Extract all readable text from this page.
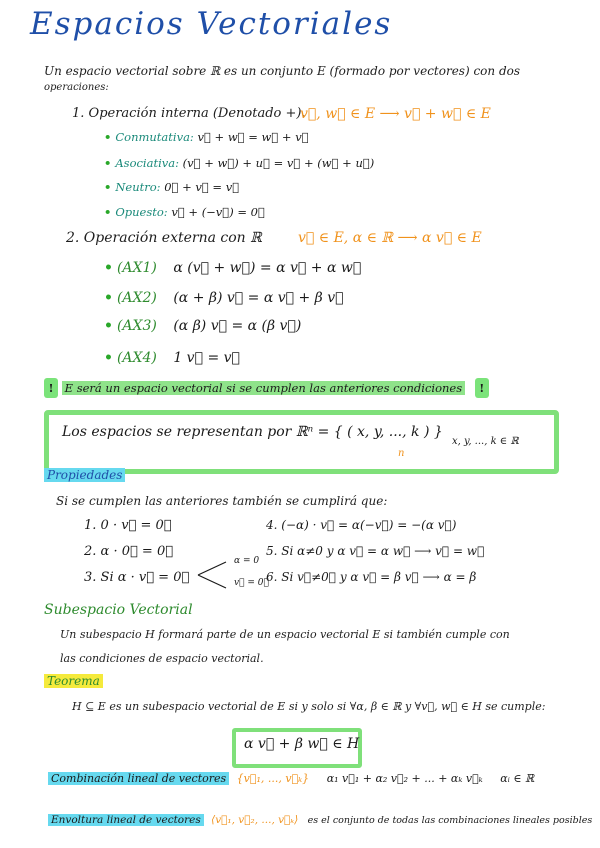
Espacios Vectoriales
Un espacio vectorial sobre ℝ es un conjunto E (formado por vectores) con dos
operaciones:
1. Operación interna (Denotado +).
v⃗, w⃗ ∈ E ⟶ v⃗ + w⃗ ∈ E
• Conmutativa: v⃗ + w⃗ = w⃗ + v⃗
• Asociativa: (v⃗ + w⃗) + u⃗ = v⃗ + (w⃗ + u⃗)
• Neutro: 0⃗ + v⃗ = v⃗
• Opuesto: v⃗ + (−v⃗) = 0⃗
2. Operación externa con ℝ	v⃗ ∈ E, α ∈ ℝ ⟶ α v⃗ ∈ E
• (AX1) α (v⃗ + w⃗) = α v⃗ + α w⃗
• (AX2) (α + β) v⃗ = α v⃗ + β v⃗
• (AX3) (α β) v⃗ = α (β v⃗)
• (AX4) 1 v⃗ = v⃗
! E será un espacio vectorial si se cumplen las anteriores condiciones !
Los espacios se representan por ℝⁿ = { ( x, y, ..., k ) }
x, y, ..., k ∈ ℝ
n
Propiedades
Si se cumplen las anteriores también se cumplirá que:
1. 0 · v⃗ = 0⃗
2. α · 0⃗ = 0⃗
3. Si α · v⃗ = 0⃗
α = 0
v⃗ = 0⃗
4. (−α) · v⃗ = α(−v⃗) = −(α v⃗)
5. Si α≠0 y α v⃗ = α w⃗ ⟶ v⃗ = w⃗
6. Si v⃗≠0⃗ y α v⃗ = β v⃗ ⟶ α = β
Subespacio Vectorial
Un subespacio H formará parte de un espacio vectorial E si también cumple con
las condiciones de espacio vectorial.
Teorema
H ⊆ E es un subespacio vectorial de E si y solo si ∀α, β ∈ ℝ y ∀v⃗, w⃗ ∈ H se cumple:
α v⃗ + β w⃗ ∈ H
Combinación lineal de vectores {v⃗₁, ..., v⃗ₖ} α₁ v⃗₁ + α₂ v⃗₂ + ... + αₖ v⃗ₖ αᵢ ∈ ℝ
Envoltura lineal de vectores ⟨v⃗₁, v⃗₂, ..., v⃗ₖ⟩ es el conjunto de todas las combinaciones lineales posibles
